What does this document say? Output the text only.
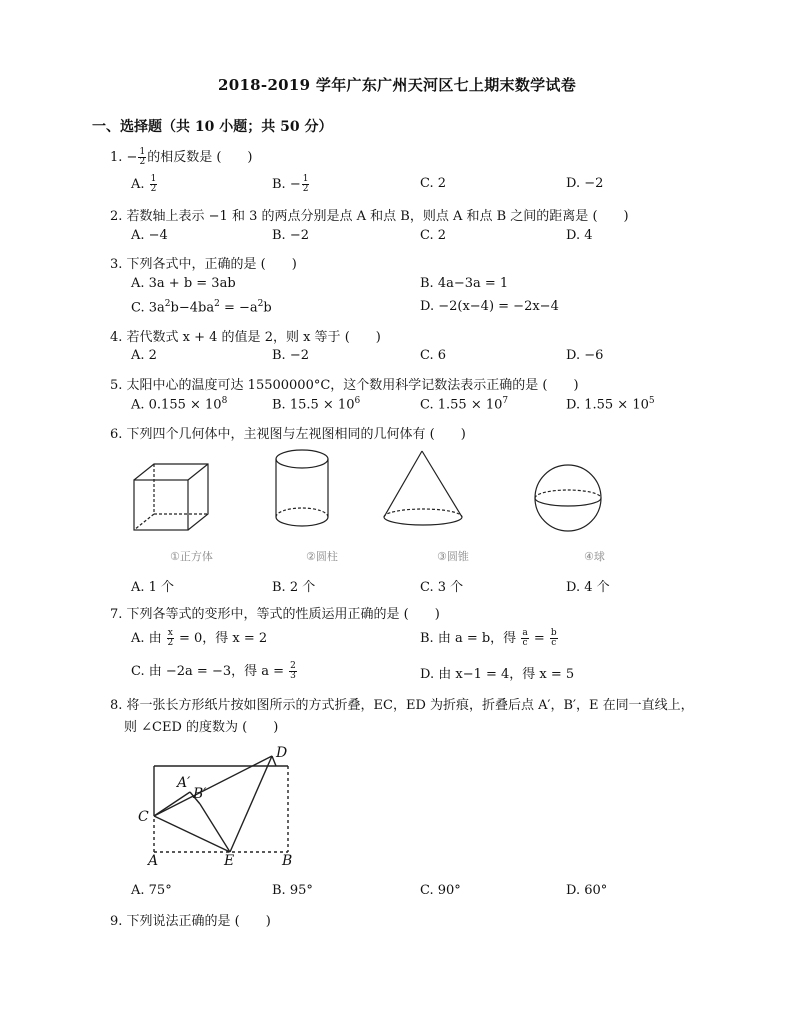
2018-2019 学年广东广州天河区七上期末数学试卷
一、选择题（共 10 小题；共 50 分）
1. − $\frac{1}{2}$ 的相反数是 (　　)
A. $\frac{1}{2}$	B. − $\frac{1}{2}$	C. 2	D. −2
2. 若数轴上表示 −1 和 3 的两点分别是点 A 和点 B，则点 A 和点 B 之间的距离是 (　　)
A. −4	B. −2	C. 2	D. 4
3. 下列各式中，正确的是 (　　)
A. 3a + b = 3ab	B. 4a−3a = 1
C. $3a^2b-4ba^2 = -a^2b$	D. −2(x−4) = −2x−4
4. 若代数式 x + 4 的值是 2，则 x 等于 (　　)
A. 2	B. −2	C. 6	D. −6
5. 太阳中心的温度可达 15500000°C，这个数用科学记数法表示正确的是 (　　)
A. $0.155 \times 10^8$	B. $15.5 \times 10^6$	C. $1.55 \times 10^7$	D. $1.55 \times 10^5$
6. 下列四个几何体中，主视图与左视图相同的几何体有 (　　)
①正方体	②圆柱	③圆锥	④球
A. 1 个	B. 2 个	C. 3 个	D. 4 个
7. 下列各等式的变形中，等式的性质运用正确的是 (　　)
A. 由 $\frac{x}{2} = 0$，得 x = 2	B. 由 a = b，得 $\frac{a}{c} = \frac{b}{c}$
C. 由 −2a = −3，得 $a = \frac{2}{3}$	D. 由 x−1 = 4，得 x = 5
8. 将一张长方形纸片按如图所示的方式折叠，EC，ED 为折痕，折叠后点 A′，B′，E 在同一直线上，
则 ∠CED 的度数为 (　　)
D
A′
B′
C
A	E	B
A. 75°	B. 95°	C. 90°	D. 60°
9. 下列说法正确的是 (　　)
